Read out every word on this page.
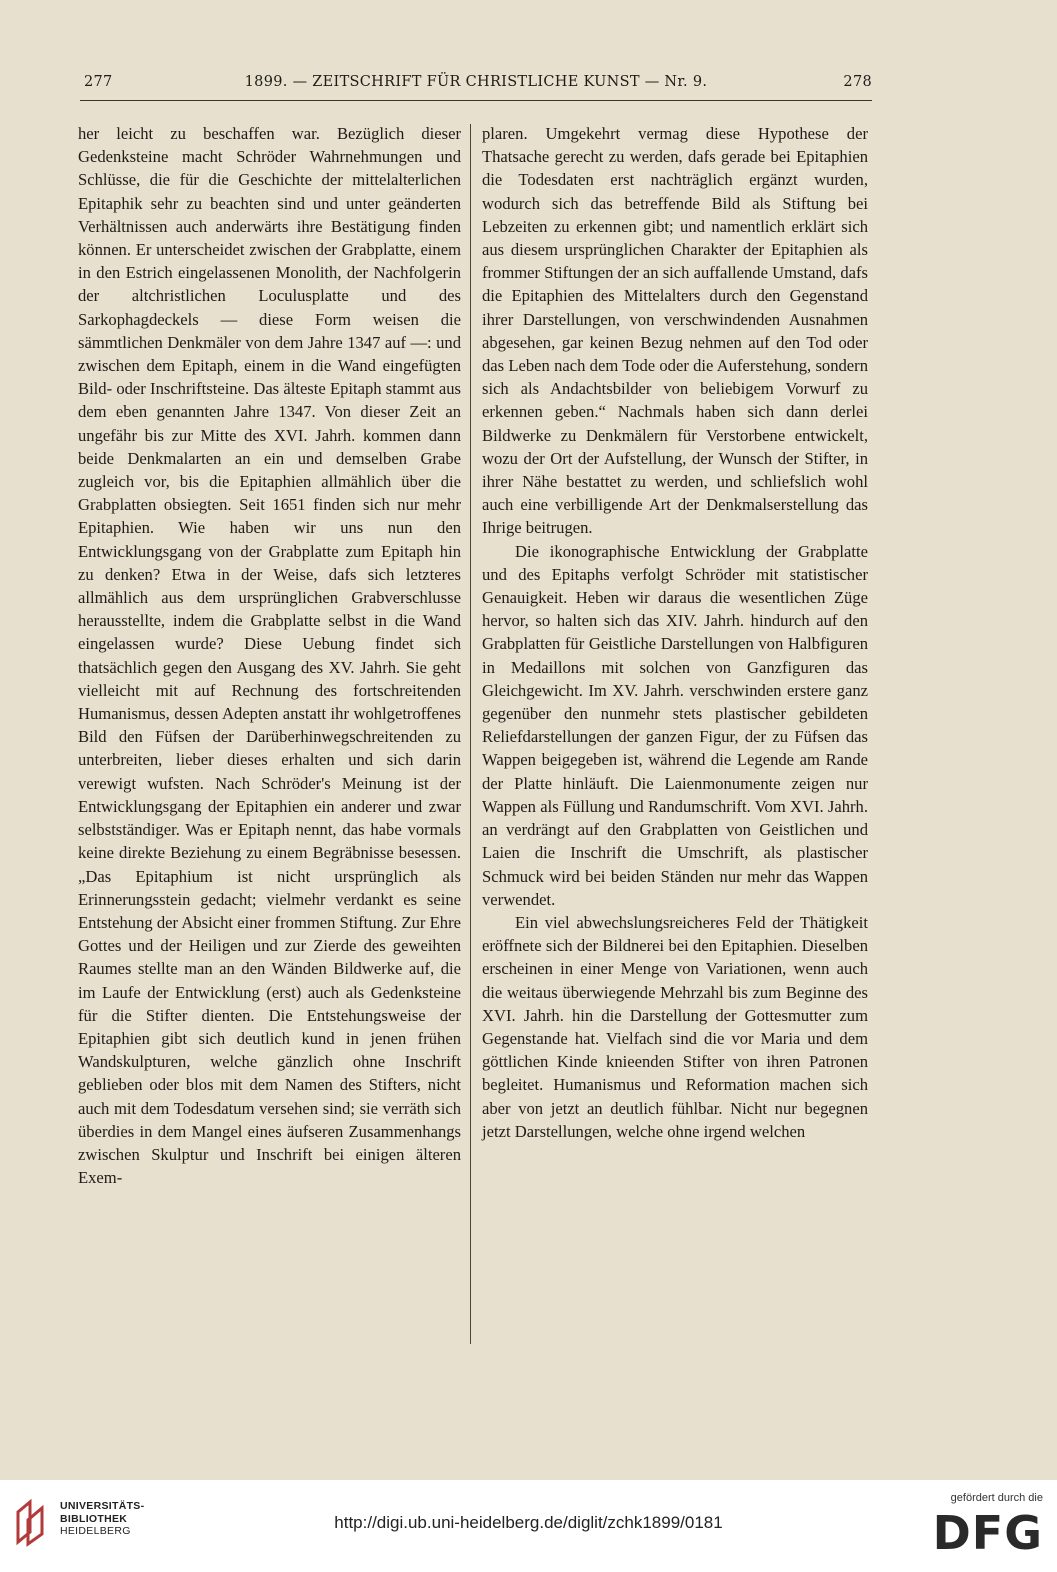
277	1899. — ZEITSCHRIFT FÜR CHRISTLICHE KUNST — Nr. 9.	278

her leicht zu beschaffen war. Bezüglich dieser Gedenksteine macht Schröder Wahrnehmungen und Schlüsse, die für die Geschichte der mittelalterlichen Epitaphik sehr zu beachten sind und unter geänderten Verhältnissen auch anderwärts ihre Bestätigung finden können. Er unterscheidet zwischen der Grabplatte, einem in den Estrich eingelassenen Monolith, der Nachfolgerin der altchristlichen Loculusplatte und des Sarkophagdeckels — diese Form weisen die sämmtlichen Denkmäler von dem Jahre 1347 auf —: und zwischen dem Epitaph, einem in die Wand eingefügten Bild- oder Inschriftsteine. Das älteste Epitaph stammt aus dem eben genannten Jahre 1347. Von dieser Zeit an ungefähr bis zur Mitte des XVI. Jahrh. kommen dann beide Denkmalarten an ein und demselben Grabe zugleich vor, bis die Epitaphien allmählich über die Grabplatten obsiegten. Seit 1651 finden sich nur mehr Epitaphien. Wie haben wir uns nun den Entwicklungsgang von der Grabplatte zum Epitaph hin zu denken? Etwa in der Weise, dafs sich letzteres allmählich aus dem ursprünglichen Grabverschlusse herausstellte, indem die Grabplatte selbst in die Wand eingelassen wurde? Diese Uebung findet sich thatsächlich gegen den Ausgang des XV. Jahrh. Sie geht vielleicht mit auf Rechnung des fortschreitenden Humanismus, dessen Adepten anstatt ihr wohlgetroffenes Bild den Füfsen der Darüberhinwegschreitenden zu unterbreiten, lieber dieses erhalten und sich darin verewigt wufsten. Nach Schröder's Meinung ist der Entwicklungsgang der Epitaphien ein anderer und zwar selbstständiger. Was er Epitaph nennt, das habe vormals keine direkte Beziehung zu einem Begräbnisse besessen. „Das Epitaphium ist nicht ursprünglich als Erinnerungsstein gedacht; vielmehr verdankt es seine Entstehung der Absicht einer frommen Stiftung. Zur Ehre Gottes und der Heiligen und zur Zierde des geweihten Raumes stellte man an den Wänden Bildwerke auf, die im Laufe der Entwicklung (erst) auch als Gedenksteine für die Stifter dienten. Die Entstehungsweise der Epitaphien gibt sich deutlich kund in jenen frühen Wandskulpturen, welche gänzlich ohne Inschrift geblieben oder blos mit dem Namen des Stifters, nicht auch mit dem Todesdatum versehen sind; sie verräth sich überdies in dem Mangel eines äufseren Zusammenhangs zwischen Skulptur und Inschrift bei einigen älteren Exem-

plaren. Umgekehrt vermag diese Hypothese der Thatsache gerecht zu werden, dafs gerade bei Epitaphien die Todesdaten erst nachträglich ergänzt wurden, wodurch sich das betreffende Bild als Stiftung bei Lebzeiten zu erkennen gibt; und namentlich erklärt sich aus diesem ursprünglichen Charakter der Epitaphien als frommer Stiftungen der an sich auffallende Umstand, dafs die Epitaphien des Mittelalters durch den Gegenstand ihrer Darstellungen, von verschwindenden Ausnahmen abgesehen, gar keinen Bezug nehmen auf den Tod oder das Leben nach dem Tode oder die Auferstehung, sondern sich als Andachtsbilder von beliebigem Vorwurf zu erkennen geben.“ Nachmals haben sich dann derlei Bildwerke zu Denkmälern für Verstorbene entwickelt, wozu der Ort der Aufstellung, der Wunsch der Stifter, in ihrer Nähe bestattet zu werden, und schliefslich wohl auch eine verbilligende Art der Denkmalserstellung das Ihrige beitrugen.

Die ikonographische Entwicklung der Grabplatte und des Epitaphs verfolgt Schröder mit statistischer Genauigkeit. Heben wir daraus die wesentlichen Züge hervor, so halten sich das XIV. Jahrh. hindurch auf den Grabplatten für Geistliche Darstellungen von Halbfiguren in Medaillons mit solchen von Ganzfiguren das Gleichgewicht. Im XV. Jahrh. verschwinden erstere ganz gegenüber den nunmehr stets plastischer gebildeten Reliefdarstellungen der ganzen Figur, der zu Füfsen das Wappen beigegeben ist, während die Legende am Rande der Platte hinläuft. Die Laienmonumente zeigen nur Wappen als Füllung und Randumschrift. Vom XVI. Jahrh. an verdrängt auf den Grabplatten von Geistlichen und Laien die Inschrift die Umschrift, als plastischer Schmuck wird bei beiden Ständen nur mehr das Wappen verwendet.

Ein viel abwechslungsreicheres Feld der Thätigkeit eröffnete sich der Bildnerei bei den Epitaphien. Dieselben erscheinen in einer Menge von Variationen, wenn auch die weitaus überwiegende Mehrzahl bis zum Beginne des XVI. Jahrh. hin die Darstellung der Gottesmutter zum Gegenstande hat. Vielfach sind die vor Maria und dem göttlichen Kinde knieenden Stifter von ihren Patronen begleitet. Humanismus und Reformation machen sich aber von jetzt an deutlich fühlbar. Nicht nur begegnen jetzt Darstellungen, welche ohne irgend welchen

UNIVERSITÄTS-
BIBLIOTHEK
HEIDELBERG	http://digi.ub.uni-heidelberg.de/diglit/zchk1899/0181
gefördert durch die
DFG
